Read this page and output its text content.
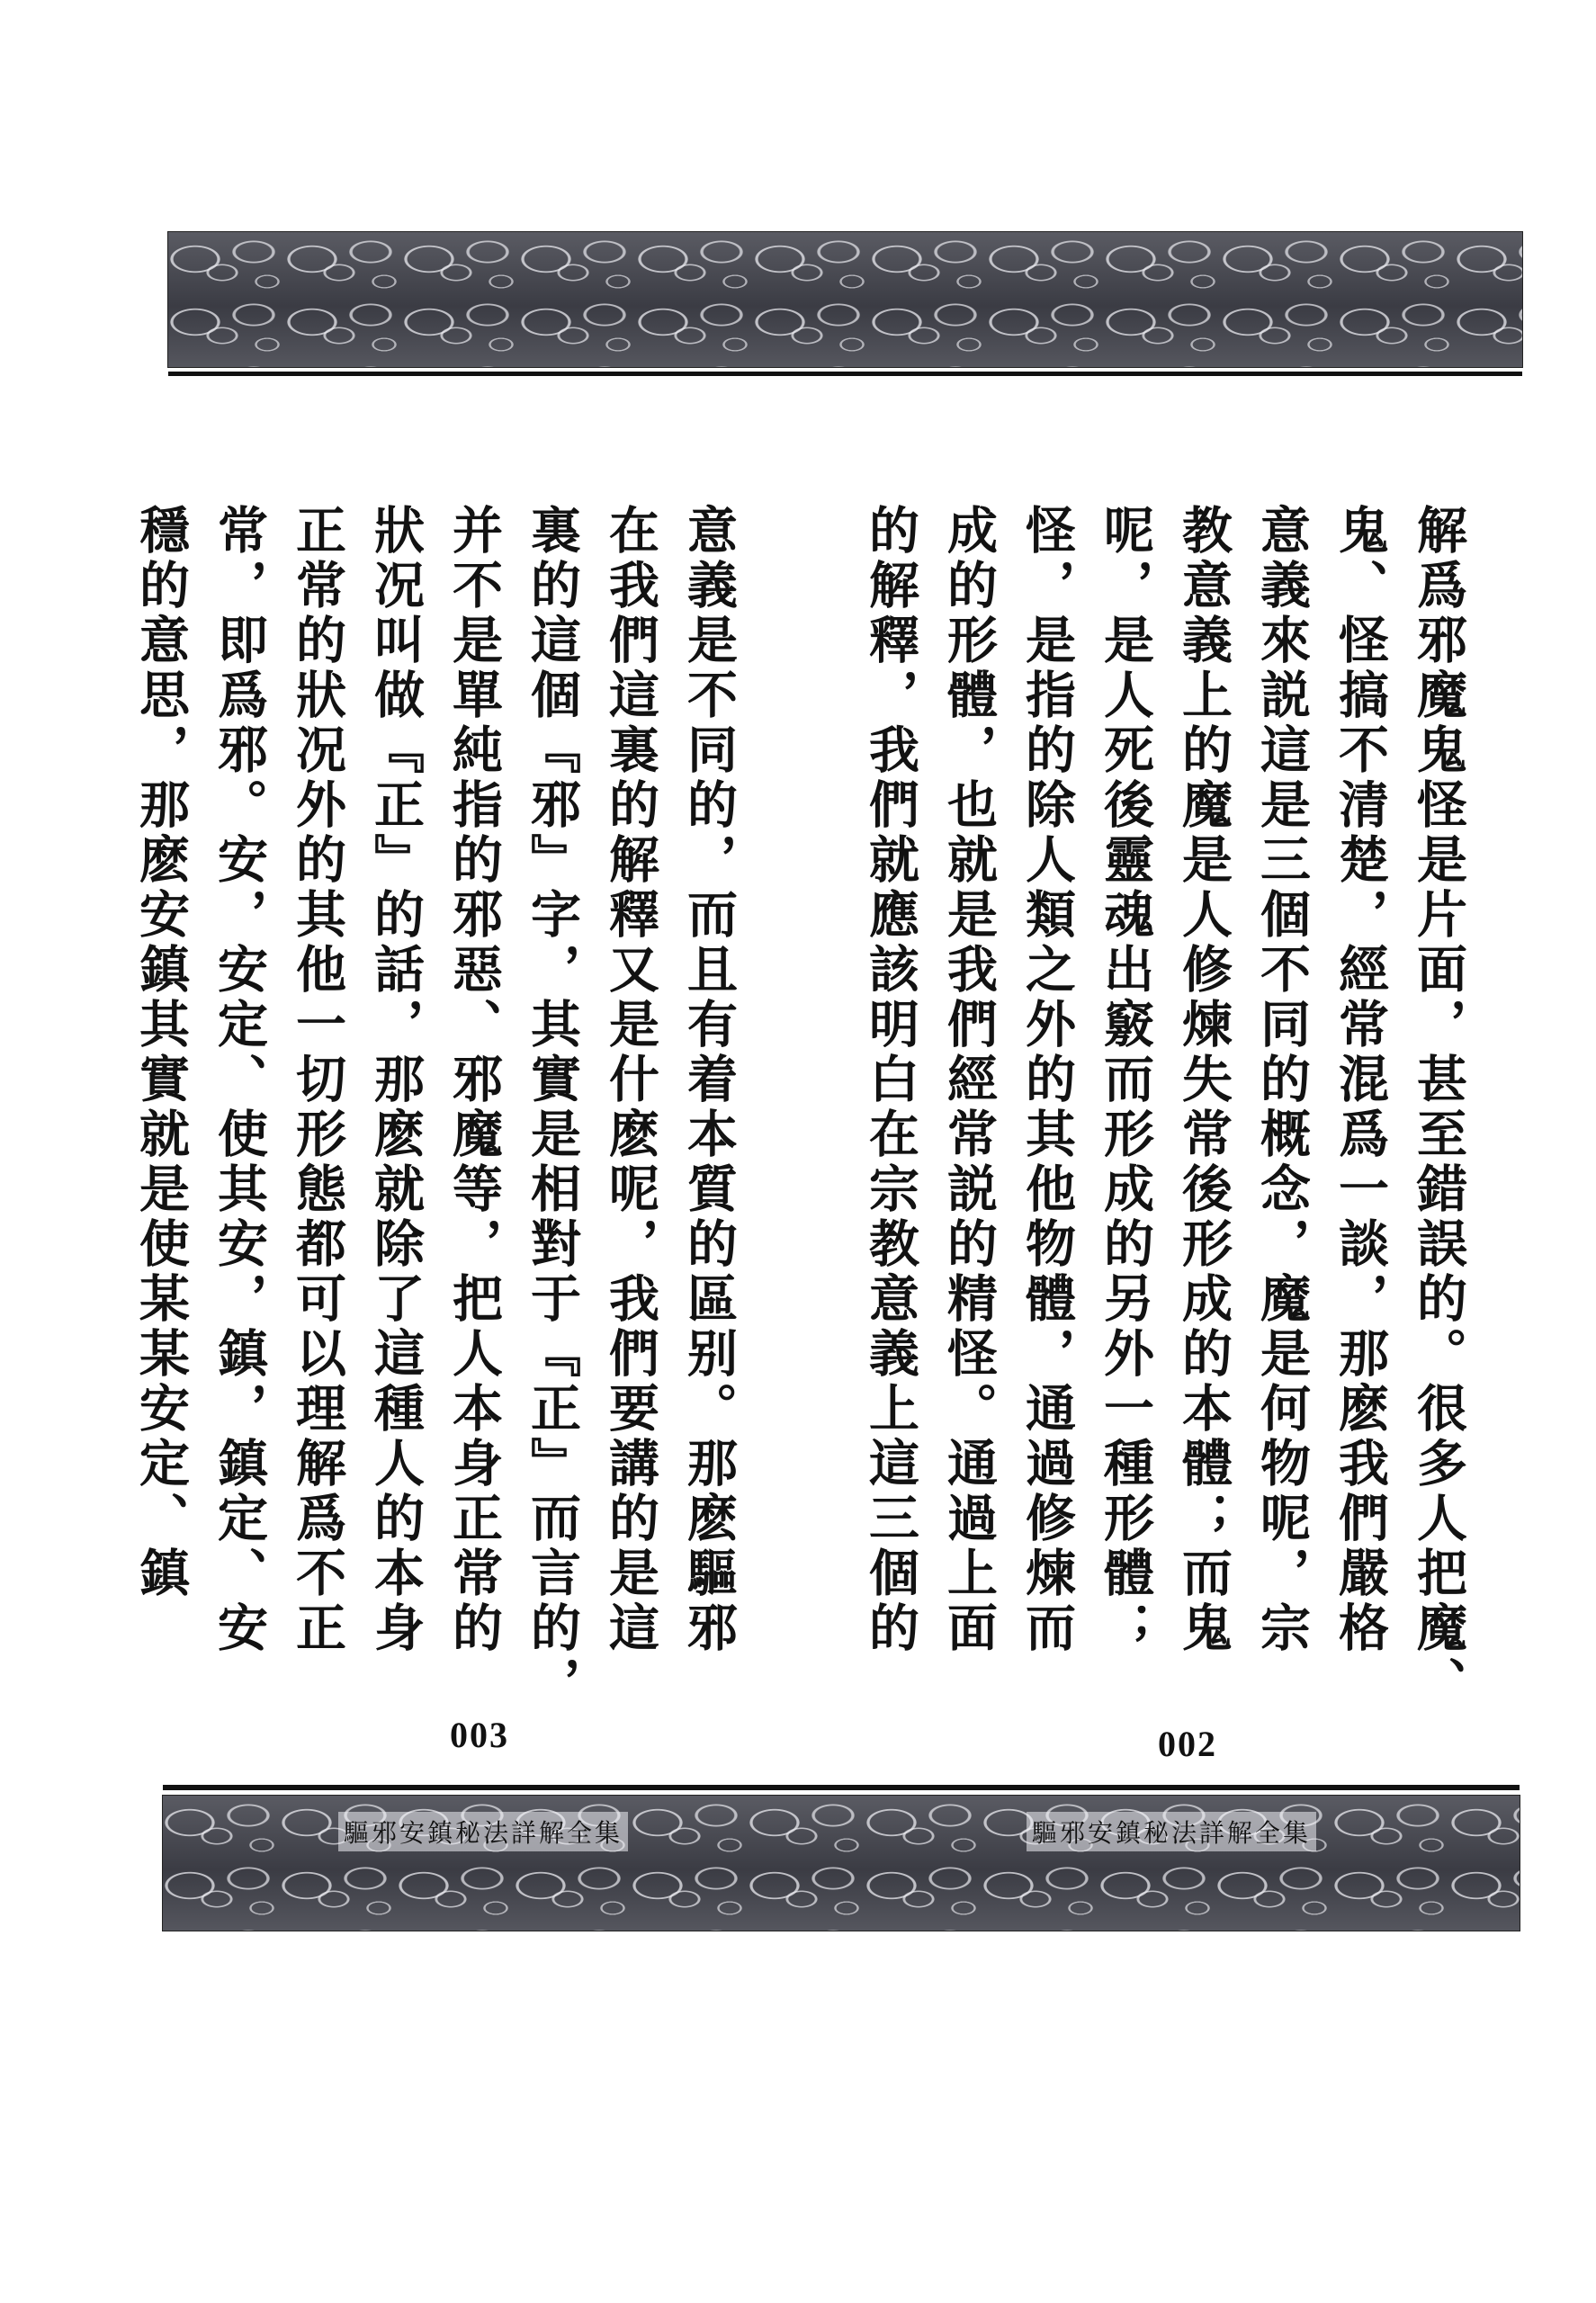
解爲邪魔鬼怪是片面，甚至錯誤的。很多人把魔、
鬼、怪搞不清楚，經常混爲一談，那麽我們嚴格
意義來説這是三個不同的概念，魔是何物呢，宗
教意義上的魔是人修煉失常後形成的本體；而鬼
呢，是人死後靈魂出竅而形成的另外一種形體；
怪，是指的除人類之外的其他物體，通過修煉而
成的形體，也就是我們經常説的精怪。通過上面
的解釋，我們就應該明白在宗教意義上這三個的
意義是不同的，而且有着本質的區别。那麽驅邪
在我們這裏的解釋又是什麽呢，我們要講的是這
裏的這個『邪』字，其實是相對于『正』而言的，
并不是單純指的邪惡、邪魔等，把人本身正常的
狀况叫做『正』的話，那麽就除了這種人的本身
正常的狀况外的其他一切形態都可以理解爲不正
常，即爲邪。安，安定、使其安，鎮，鎮定、安
穩的意思，那麽安鎮其實就是使某某安定、鎮
003	002
驅邪安鎮秘法詳解全集	驅邪安鎮秘法詳解全集
